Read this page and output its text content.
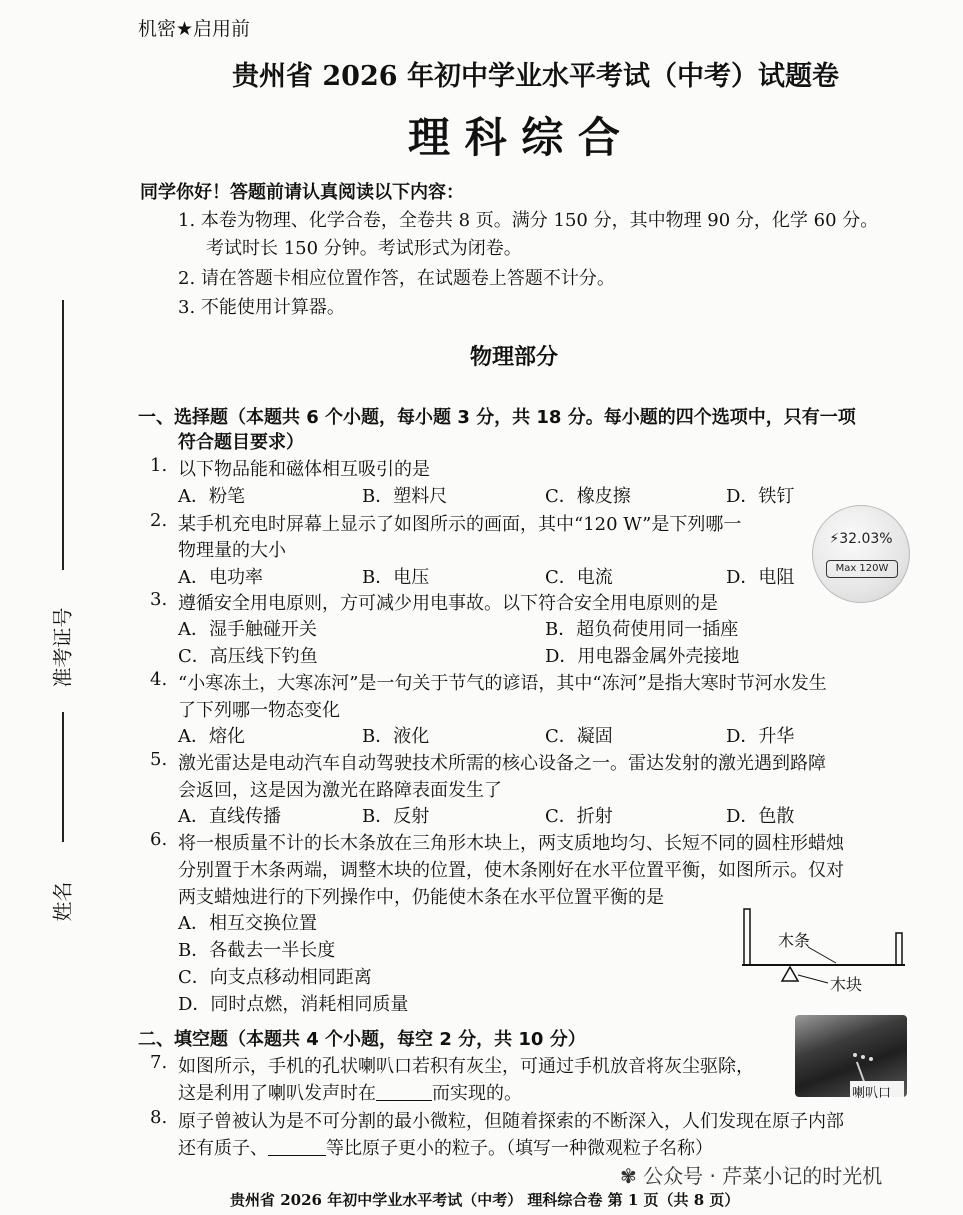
机密★启用前
贵州省 2026 年初中学业水平考试（中考）试题卷
理 科 综 合
准考证号
姓名
同学你好！答题前请认真阅读以下内容：
1. 本卷为物理、化学合卷，全卷共 8 页。满分 150 分，其中物理 90 分，化学 60 分。
考试时长 150 分钟。考试形式为闭卷。
2. 请在答题卡相应位置作答，在试题卷上答题不计分。
3. 不能使用计算器。
物理部分
一、选择题（本题共 6 个小题，每小题 3 分，共 18 分。每小题的四个选项中，只有一项
符合题目要求）
1. 以下物品能和磁体相互吸引的是
A．粉笔	B．塑料尺	C．橡皮擦	D．铁钉
2. 某手机充电时屏幕上显示了如图所示的画面，其中“120 W”是下列哪一
物理量的大小
A．电功率	B．电压	C．电流	D．电阻
⚡32.03%
Max 120W
3. 遵循安全用电原则，方可减少用电事故。以下符合安全用电原则的是
A．湿手触碰开关	B．超负荷使用同一插座
C．高压线下钓鱼	D．用电器金属外壳接地
4. “小寒冻土，大寒冻河”是一句关于节气的谚语，其中“冻河”是指大寒时节河水发生
了下列哪一物态变化
A．熔化	B．液化	C．凝固	D．升华
5. 激光雷达是电动汽车自动驾驶技术所需的核心设备之一。雷达发射的激光遇到路障
会返回，这是因为激光在路障表面发生了
A．直线传播	B．反射	C．折射	D．色散
6. 将一根质量不计的长木条放在三角形木块上，两支质地均匀、长短不同的圆柱形蜡烛
分别置于木条两端，调整木块的位置，使木条刚好在水平位置平衡，如图所示。仅对
两支蜡烛进行的下列操作中，仍能使木条在水平位置平衡的是
A．相互交换位置
B．各截去一半长度
C．向支点移动相同距离
D．同时点燃，消耗相同质量
木条
木块
二、填空题（本题共 4 个小题，每空 2 分，共 10 分）
7. 如图所示，手机的孔状喇叭口若积有灰尘，可通过手机放音将灰尘驱除，
这是利用了喇叭发声时在	而实现的。	喇叭口
8. 原子曾被认为是不可分割的最小微粒，但随着探索的不断深入，人们发现在原子内部
还有质子、	等比原子更小的粒子。（填写一种微观粒子名称）
✾ 公众号 · 芹菜小记的时光机
贵州省 2026 年初中学业水平考试（中考） 理科综合卷 第 1 页（共 8 页）
